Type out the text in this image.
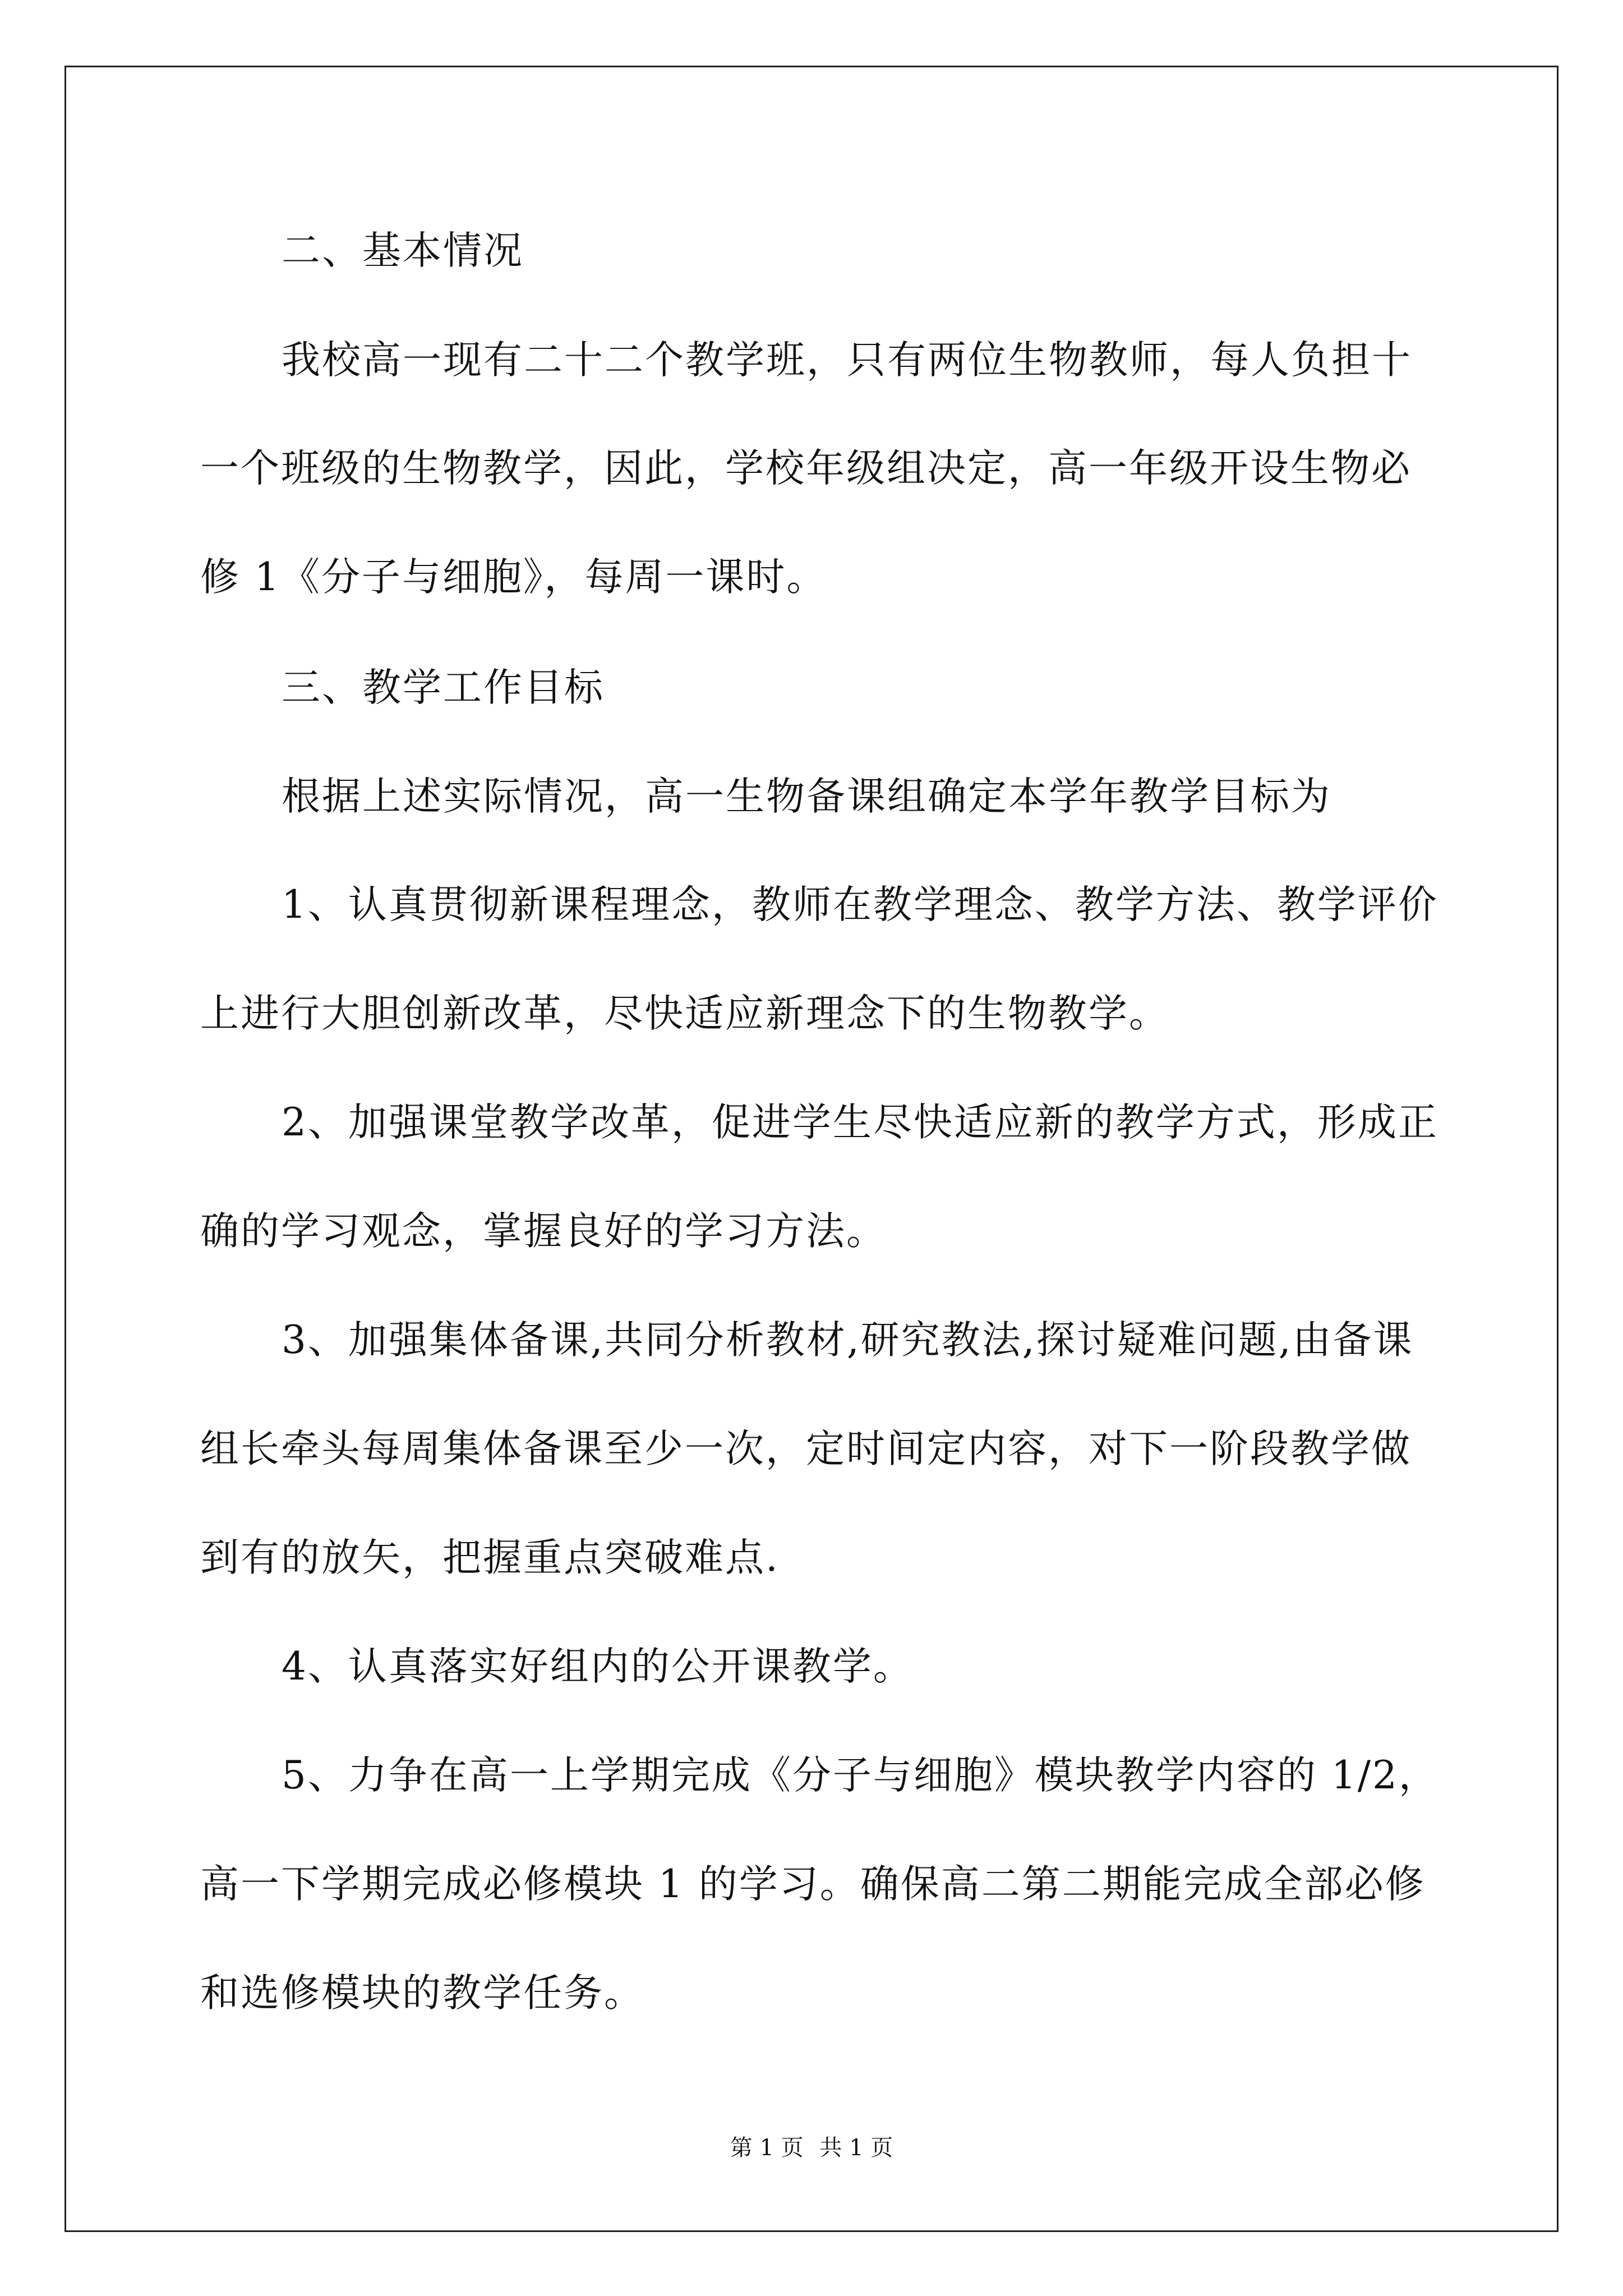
二、基本情况
我校高一现有二十二个教学班，只有两位生物教师，每人负担十
一个班级的生物教学，因此，学校年级组决定，高一年级开设生物必
修 1《分子与细胞》，每周一课时。
三、教学工作目标
根据上述实际情况，高一生物备课组确定本学年教学目标为
1、认真贯彻新课程理念，教师在教学理念、教学方法、教学评价
上进行大胆创新改革，尽快适应新理念下的生物教学。
2、加强课堂教学改革，促进学生尽快适应新的教学方式，形成正
确的学习观念，掌握良好的学习方法。
3、加强集体备课,共同分析教材,研究教法,探讨疑难问题,由备课
组长牵头每周集体备课至少一次，定时间定内容，对下一阶段教学做
到有的放矢，把握重点突破难点.
4、认真落实好组内的公开课教学。
5、力争在高一上学期完成《分子与细胞》模块教学内容的 1/2，
高一下学期完成必修模块 1 的学习。确保高二第二期能完成全部必修
和选修模块的教学任务。
第 1 页 共 1 页
